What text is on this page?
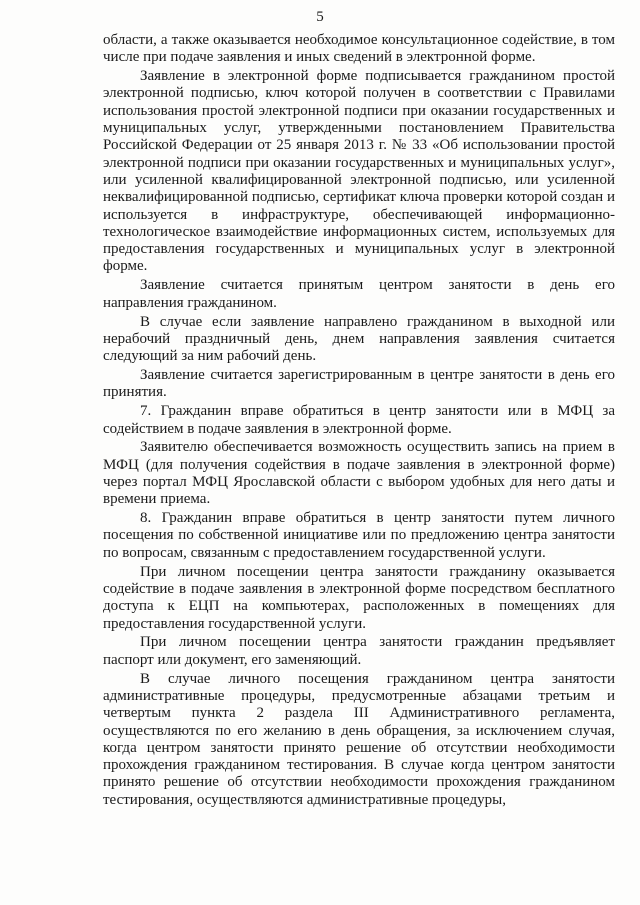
5

области, а также оказывается необходимое консультационное содействие, в том числе при подаче заявления и иных сведений в электронной форме.

Заявление в электронной форме подписывается гражданином простой электронной подписью, ключ которой получен в соответствии с Правилами использования простой электронной подписи при оказании государственных и муниципальных услуг, утвержденными постановлением Правительства Российской Федерации от 25 января 2013 г. № 33 «Об использовании простой электронной подписи при оказании государственных и муниципальных услуг», или усиленной квалифицированной электронной подписью, или усиленной неквалифицированной подписью, сертификат ключа проверки которой создан и используется в инфраструктуре, обеспечивающей информационно-технологическое взаимодействие информационных систем, используемых для предоставления государственных и муниципальных услуг в электронной форме.

Заявление считается принятым центром занятости в день его направления гражданином.

В случае если заявление направлено гражданином в выходной или нерабочий праздничный день, днем направления заявления считается следующий за ним рабочий день.

Заявление считается зарегистрированным в центре занятости в день его принятия.

7. Гражданин вправе обратиться в центр занятости или в МФЦ за содействием в подаче заявления в электронной форме.

Заявителю обеспечивается возможность осуществить запись на прием в МФЦ (для получения содействия в подаче заявления в электронной форме) через портал МФЦ Ярославской области с выбором удобных для него даты и времени приема.

8. Гражданин вправе обратиться в центр занятости путем личного посещения по собственной инициативе или по предложению центра занятости по вопросам, связанным с предоставлением государственной услуги.

При личном посещении центра занятости гражданину оказывается содействие в подаче заявления в электронной форме посредством бесплатного доступа к ЕЦП на компьютерах, расположенных в помещениях для предоставления государственной услуги.

При личном посещении центра занятости гражданин предъявляет паспорт или документ, его заменяющий.

В случае личного посещения гражданином центра занятости административные процедуры, предусмотренные абзацами третьим и четвертым пункта 2 раздела III Административного регламента, осуществляются по его желанию в день обращения, за исключением случая, когда центром занятости принято решение об отсутствии необходимости прохождения гражданином тестирования. В случае когда центром занятости принято решение об отсутствии необходимости прохождения гражданином тестирования, осуществляются административные процедуры,
